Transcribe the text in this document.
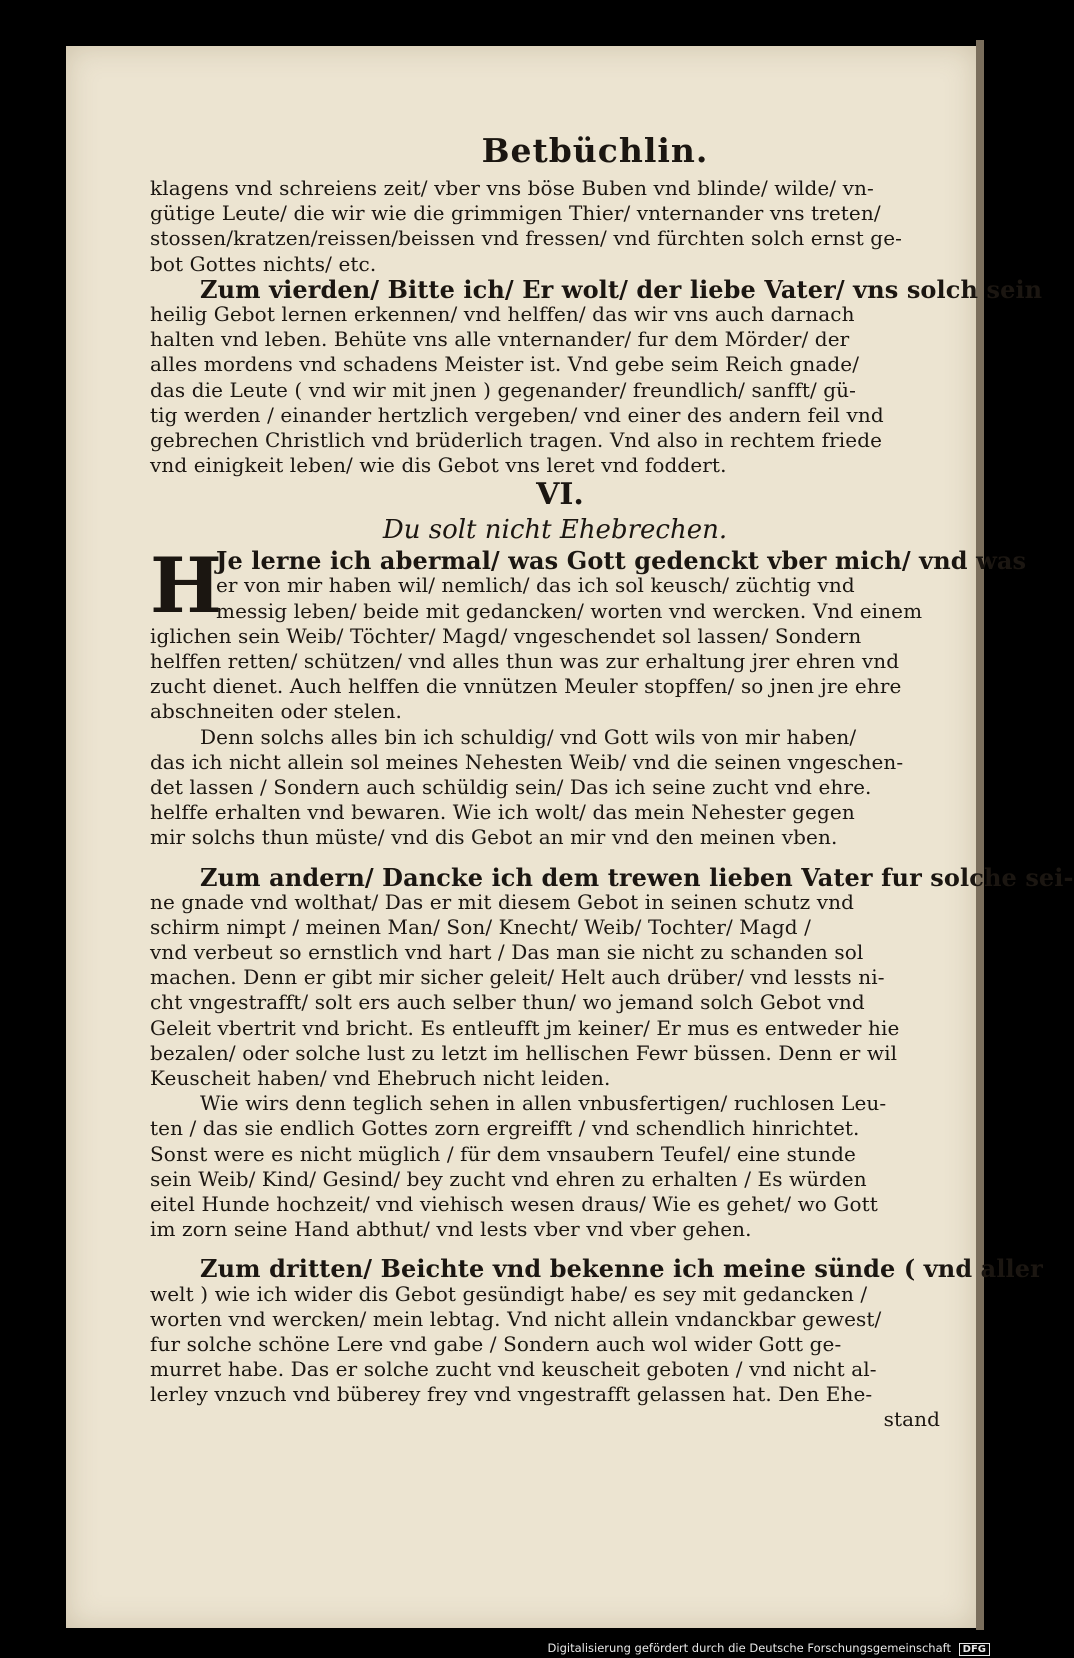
Betbüchlin.
klagens vnd schreiens zeit/ vber vns böse Buben vnd blinde/ wilde/ vn-
gütige Leute/ die wir wie die grimmigen Thier/ vnternander vns treten/
stossen/kratzen/reissen/beissen vnd fressen/ vnd fürchten solch ernst ge-
bot Gottes nichts/ etc.
Zum vierden/ Bitte ich/ Er wolt/ der liebe Vater/ vns solch sein
heilig Gebot lernen erkennen/ vnd helffen/ das wir vns auch darnach
halten vnd leben. Behüte vns alle vnternander/ fur dem Mörder/ der
alles mordens vnd schadens Meister ist. Vnd gebe seim Reich gnade/
das die Leute ( vnd wir mit jnen ) gegenander/ freundlich/ sanfft/ gü-
tig werden / einander hertzlich vergeben/ vnd einer des andern feil vnd
gebrechen Christlich vnd brüderlich tragen. Vnd also in rechtem friede
vnd einigkeit leben/ wie dis Gebot vns leret vnd foddert.
VI.
Du solt nicht Ehebrechen.
H
Je lerne ich abermal/ was Gott gedenckt vber mich/ vnd was
er von mir haben wil/ nemlich/ das ich sol keusch/ züchtig vnd
messig leben/ beide mit gedancken/ worten vnd wercken. Vnd einem
iglichen sein Weib/ Töchter/ Magd/ vngeschendet sol lassen/ Sondern
helffen retten/ schützen/ vnd alles thun was zur erhaltung jrer ehren vnd
zucht dienet. Auch helffen die vnnützen Meuler stopffen/ so jnen jre ehre
abschneiten oder stelen.
Denn solchs alles bin ich schuldig/ vnd Gott wils von mir haben/
das ich nicht allein sol meines Nehesten Weib/ vnd die seinen vngeschen-
det lassen / Sondern auch schüldig sein/ Das ich seine zucht vnd ehre.
helffe erhalten vnd bewaren. Wie ich wolt/ das mein Nehester gegen
mir solchs thun müste/ vnd dis Gebot an mir vnd den meinen vben.
Zum andern/ Dancke ich dem trewen lieben Vater fur solche sei-
ne gnade vnd wolthat/ Das er mit diesem Gebot in seinen schutz vnd
schirm nimpt / meinen Man/ Son/ Knecht/ Weib/ Tochter/ Magd /
vnd verbeut so ernstlich vnd hart / Das man sie nicht zu schanden sol
machen. Denn er gibt mir sicher geleit/ Helt auch drüber/ vnd lessts ni-
cht vngestrafft/ solt ers auch selber thun/ wo jemand solch Gebot vnd
Geleit vbertrit vnd bricht. Es entleufft jm keiner/ Er mus es entweder hie
bezalen/ oder solche lust zu letzt im hellischen Fewr büssen. Denn er wil
Keuscheit haben/ vnd Ehebruch nicht leiden.
Wie wirs denn teglich sehen in allen vnbusfertigen/ ruchlosen Leu-
ten / das sie endlich Gottes zorn ergreifft / vnd schendlich hinrichtet.
Sonst were es nicht müglich / für dem vnsaubern Teufel/ eine stunde
sein Weib/ Kind/ Gesind/ bey zucht vnd ehren zu erhalten / Es würden
eitel Hunde hochzeit/ vnd viehisch wesen draus/ Wie es gehet/ wo Gott
im zorn seine Hand abthut/ vnd lests vber vnd vber gehen.
Zum dritten/ Beichte vnd bekenne ich meine sünde ( vnd aller
welt ) wie ich wider dis Gebot gesündigt habe/ es sey mit gedancken /
worten vnd wercken/ mein lebtag. Vnd nicht allein vndanckbar gewest/
fur solche schöne Lere vnd gabe / Sondern auch wol wider Gott ge-
murret habe. Das er solche zucht vnd keuscheit geboten / vnd nicht al-
lerley vnzuch vnd büberey frey vnd vngestrafft gelassen hat. Den Ehe-
stand
Digitalisierung gefördert durch die Deutsche Forschungsgemeinschaft DFG
